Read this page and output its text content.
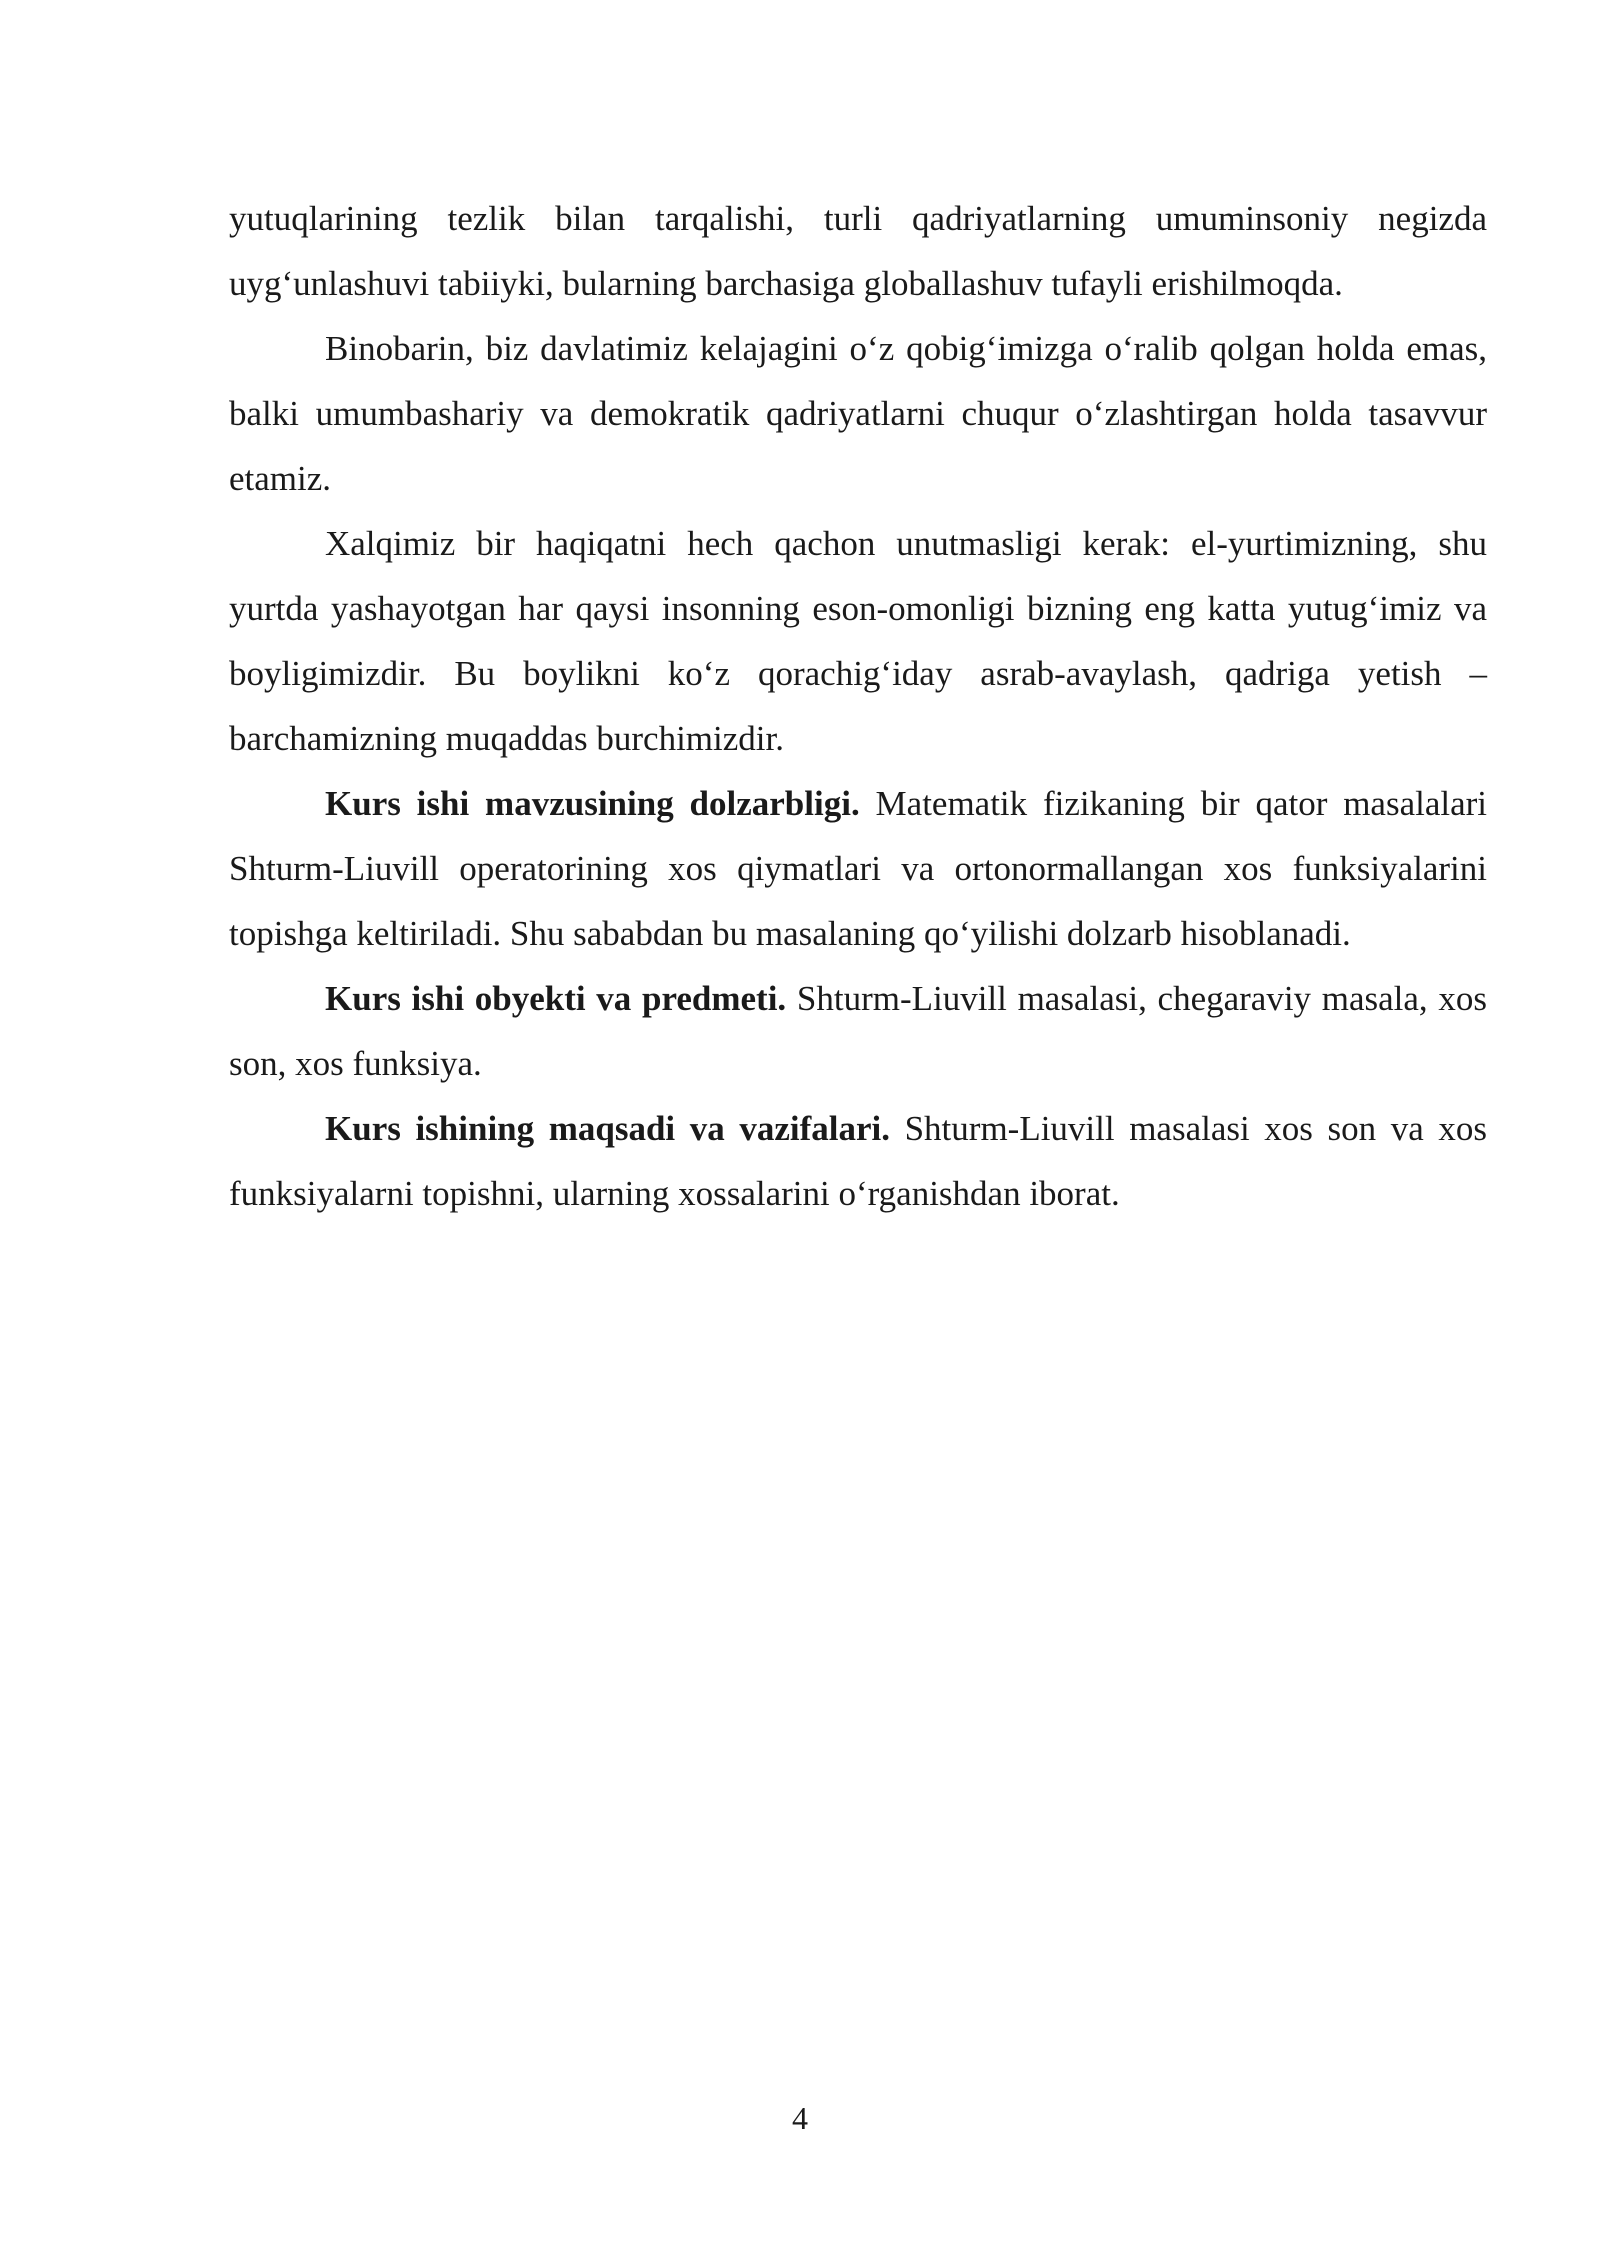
yutuqlarining tezlik bilan tarqalishi, turli qadriyatlarning umuminsoniy negizda uyg‘unlashuvi tabiiyki, bularning barchasiga globallashuv tufayli erishilmoqda.

Binobarin, biz davlatimiz kelajagini o‘z qobig‘imizga o‘ralib qolgan holda emas, balki umumbashariy va demokratik qadriyatlarni chuqur o‘zlashtirgan holda tasavvur etamiz.

Xalqimiz bir haqiqatni hech qachon unutmasligi kerak: el-yurtimizning, shu yurtda yashayotgan har qaysi insonning eson-omonligi bizning eng katta yutug‘imiz va boyligimizdir. Bu boylikni ko‘z qorachig‘iday asrab-avaylash, qadriga yetish – barchamizning muqaddas burchimizdir.

Kurs ishi mavzusining dolzarbligi. Matematik fizikaning bir qator masalalari Shturm-Liuvill operatorining xos qiymatlari va ortonormallangan xos funksiyalarini topishga keltiriladi. Shu sababdan bu masalaning qo‘yilishi dolzarb hisoblanadi.

Kurs ishi obyekti va predmeti. Shturm-Liuvill masalasi, chegaraviy masala, xos son, xos funksiya.

Kurs ishining maqsadi va vazifalari. Shturm-Liuvill masalasi xos son va xos funksiyalarni topishni, ularning xossalarini o‘rganishdan iborat.

4
